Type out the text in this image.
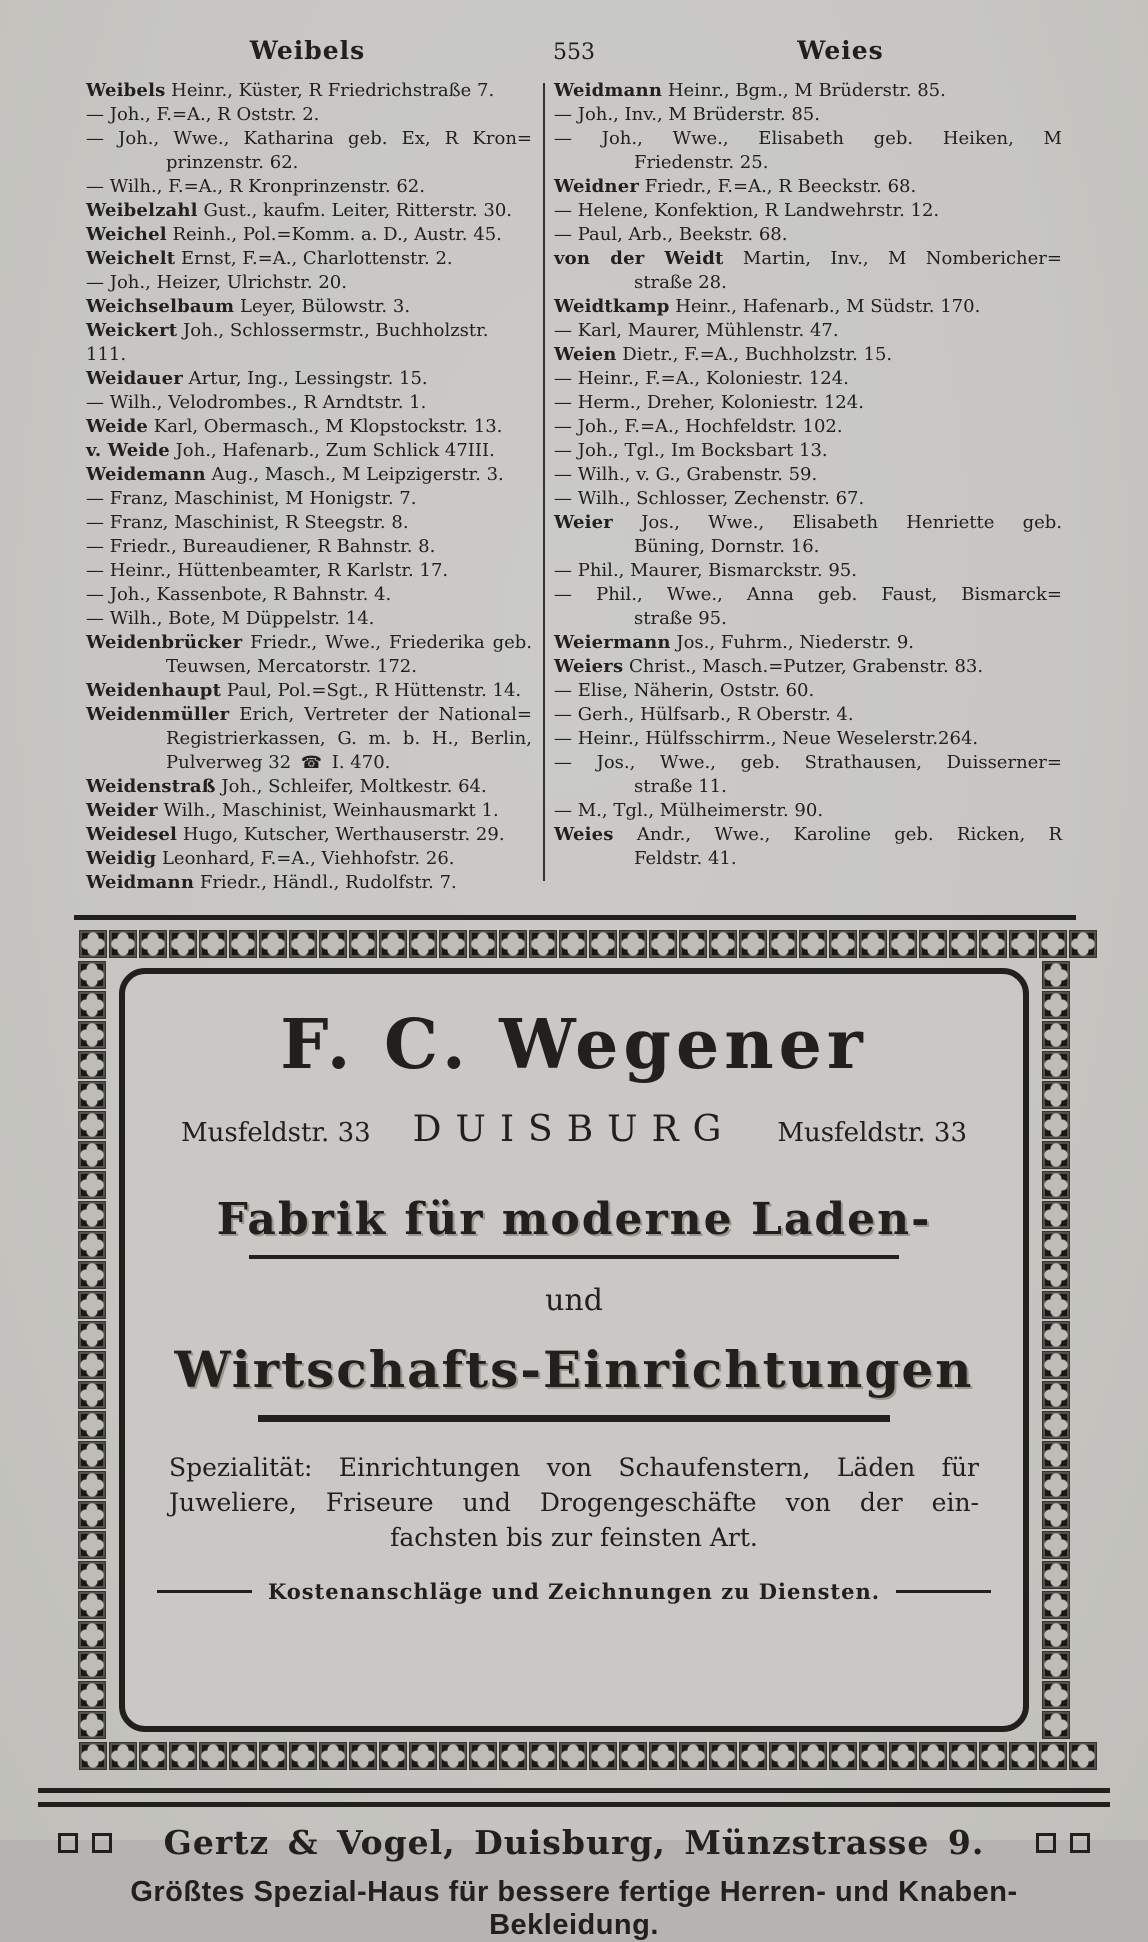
Weibels	553	Weies
Weibels Heinr., Küster, R Friedrichstraße 7.
— Joh., F.=A., R Oststr. 2.
— Joh., Wwe., Katharina geb. Ex, R Kron=
prinzenstr. 62.
— Wilh., F.=A., R Kronprinzenstr. 62.
Weibelzahl Gust., kaufm. Leiter, Ritterstr. 30.
Weichel Reinh., Pol.=Komm. a. D., Austr. 45.
Weichelt Ernst, F.=A., Charlottenstr. 2.
— Joh., Heizer, Ulrichstr. 20.
Weichselbaum Leyer, Bülowstr. 3.
Weickert Joh., Schlossermstr., Buchholzstr. 111.
Weidauer Artur, Ing., Lessingstr. 15.
— Wilh., Velodrombes., R Arndtstr. 1.
Weide Karl, Obermasch., M Klopstockstr. 13.
v. Weide Joh., Hafenarb., Zum Schlick 47III.
Weidemann Aug., Masch., M Leipzigerstr. 3.
— Franz, Maschinist, M Honigstr. 7.
— Franz, Maschinist, R Steegstr. 8.
— Friedr., Bureaudiener, R Bahnstr. 8.
— Heinr., Hüttenbeamter, R Karlstr. 17.
— Joh., Kassenbote, R Bahnstr. 4.
— Wilh., Bote, M Düppelstr. 14.
Weidenbrücker Friedr., Wwe., Friederika geb.
Teuwsen, Mercatorstr. 172.
Weidenhaupt Paul, Pol.=Sgt., R Hüttenstr. 14.
Weidenmüller Erich, Vertreter der National=
Registrierkassen, G. m. b. H., Berlin,
Pulverweg 32 ☎ I. 470.
Weidenstraß Joh., Schleifer, Moltkestr. 64.
Weider Wilh., Maschinist, Weinhausmarkt 1.
Weidesel Hugo, Kutscher, Werthauserstr. 29.
Weidig Leonhard, F.=A., Viehhofstr. 26.
Weidmann Friedr., Händl., Rudolfstr. 7.
Weidmann Heinr., Bgm., M Brüderstr. 85.
— Joh., Inv., M Brüderstr. 85.
— Joh., Wwe., Elisabeth geb. Heiken, M
Friedenstr. 25.
Weidner Friedr., F.=A., R Beeckstr. 68.
— Helene, Konfektion, R Landwehrstr. 12.
— Paul, Arb., Beekstr. 68.
von der Weidt Martin, Inv., M Nombericher=
straße 28.
Weidtkamp Heinr., Hafenarb., M Südstr. 170.
— Karl, Maurer, Mühlenstr. 47.
Weien Dietr., F.=A., Buchholzstr. 15.
— Heinr., F.=A., Koloniestr. 124.
— Herm., Dreher, Koloniestr. 124.
— Joh., F.=A., Hochfeldstr. 102.
— Joh., Tgl., Im Bocksbart 13.
— Wilh., v. G., Grabenstr. 59.
— Wilh., Schlosser, Zechenstr. 67.
Weier Jos., Wwe., Elisabeth Henriette geb.
Büning, Dornstr. 16.
— Phil., Maurer, Bismarckstr. 95.
— Phil., Wwe., Anna geb. Faust, Bismarck=
straße 95.
Weiermann Jos., Fuhrm., Niederstr. 9.
Weiers Christ., Masch.=Putzer, Grabenstr. 83.
— Elise, Näherin, Oststr. 60.
— Gerh., Hülfsarb., R Oberstr. 4.
— Heinr., Hülfsschirrm., Neue Weselerstr.264.
— Jos., Wwe., geb. Strathausen, Duisserner=
straße 11.
— M., Tgl., Mülheimerstr. 90.
Weies Andr., Wwe., Karoline geb. Ricken, R
Feldstr. 41.
F. C. Wegener
Musfeldstr. 33 DUISBURG Musfeldstr. 33
Fabrik für moderne Laden-
und
Wirtschafts-Einrichtungen
Spezialität: Einrichtungen von Schaufenstern, Läden für
Juweliere, Friseure und Drogengeschäfte von der ein-
fachsten bis zur feinsten Art.
Kostenanschläge und Zeichnungen zu Diensten.
Gertz & Vogel, Duisburg, Münzstrasse 9.
Größtes Spezial-Haus für bessere fertige Herren- und Knaben-Bekleidung.
